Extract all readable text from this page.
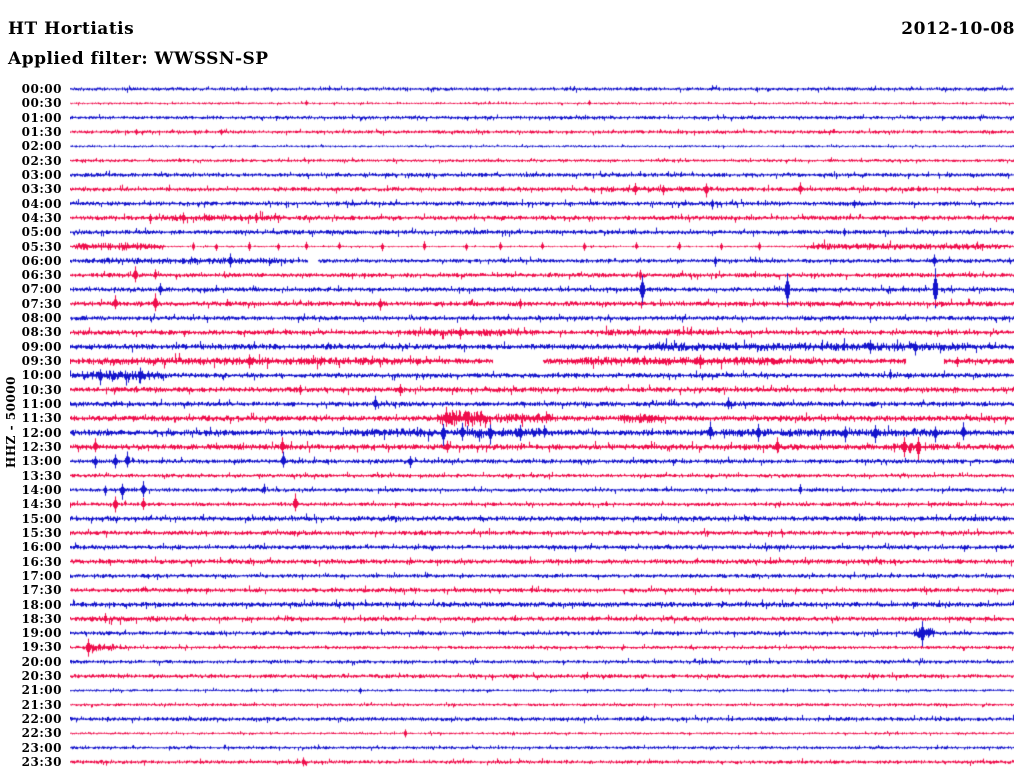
HT Hortiatis	2012-10-08
Applied filter: WWSSN-SP
HHZ - 50000
00:00
00:30
01:00
01:30
02:00
02:30
03:00
03:30
04:00
04:30
05:00
05:30
06:00
06:30
07:00
07:30
08:00
08:30
09:00
09:30
10:00
10:30
11:00
11:30
12:00
12:30
13:00
13:30
14:00
14:30
15:00
15:30
16:00
16:30
17:00
17:30
18:00
18:30
19:00
19:30
20:00
20:30
21:00
21:30
22:00
22:30
23:00
23:30
